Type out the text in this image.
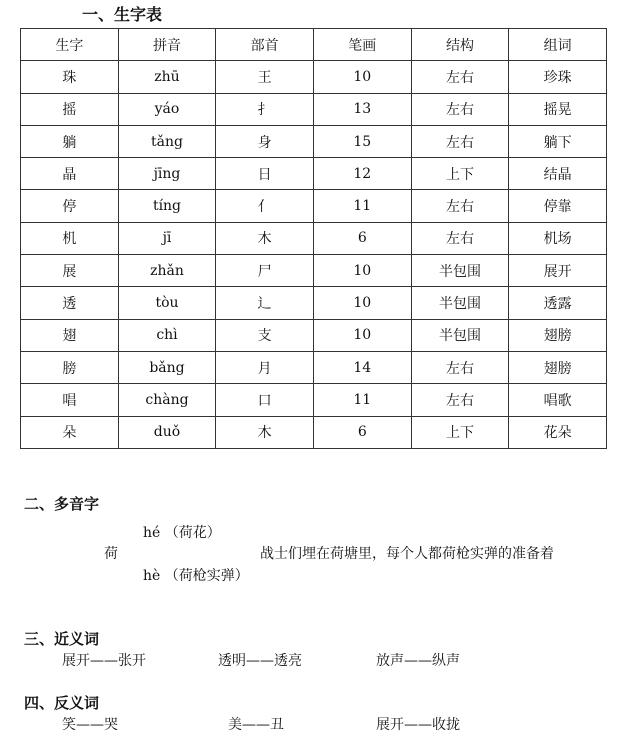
一、生字表
生字	拼音	部首	笔画	结构	组词
珠	zhū	王	10	左右	珍珠
摇	yáo	扌	13	左右	摇晃
躺	tǎng	身	15	左右	躺下
晶	jīng	日	12	上下	结晶
停	tíng	亻	11	左右	停靠
机	jī	木	6	左右	机场
展	zhǎn	尸	10	半包围	展开
透	tòu	辶	10	半包围	透露
翅	chì	支	10	半包围	翅膀
膀	bǎng	月	14	左右	翅膀
唱	chàng	口	11	左右	唱歌
朵	duǒ	木	6	上下	花朵
二、多音字
hé （荷花）
荷	战士们埋在荷塘里，每个人都荷枪实弹的准备着
hè （荷枪实弹）
三、近义词
展开——张开	透明——透亮	放声——纵声
四、反义词
笑——哭	美——丑	展开——收拢
